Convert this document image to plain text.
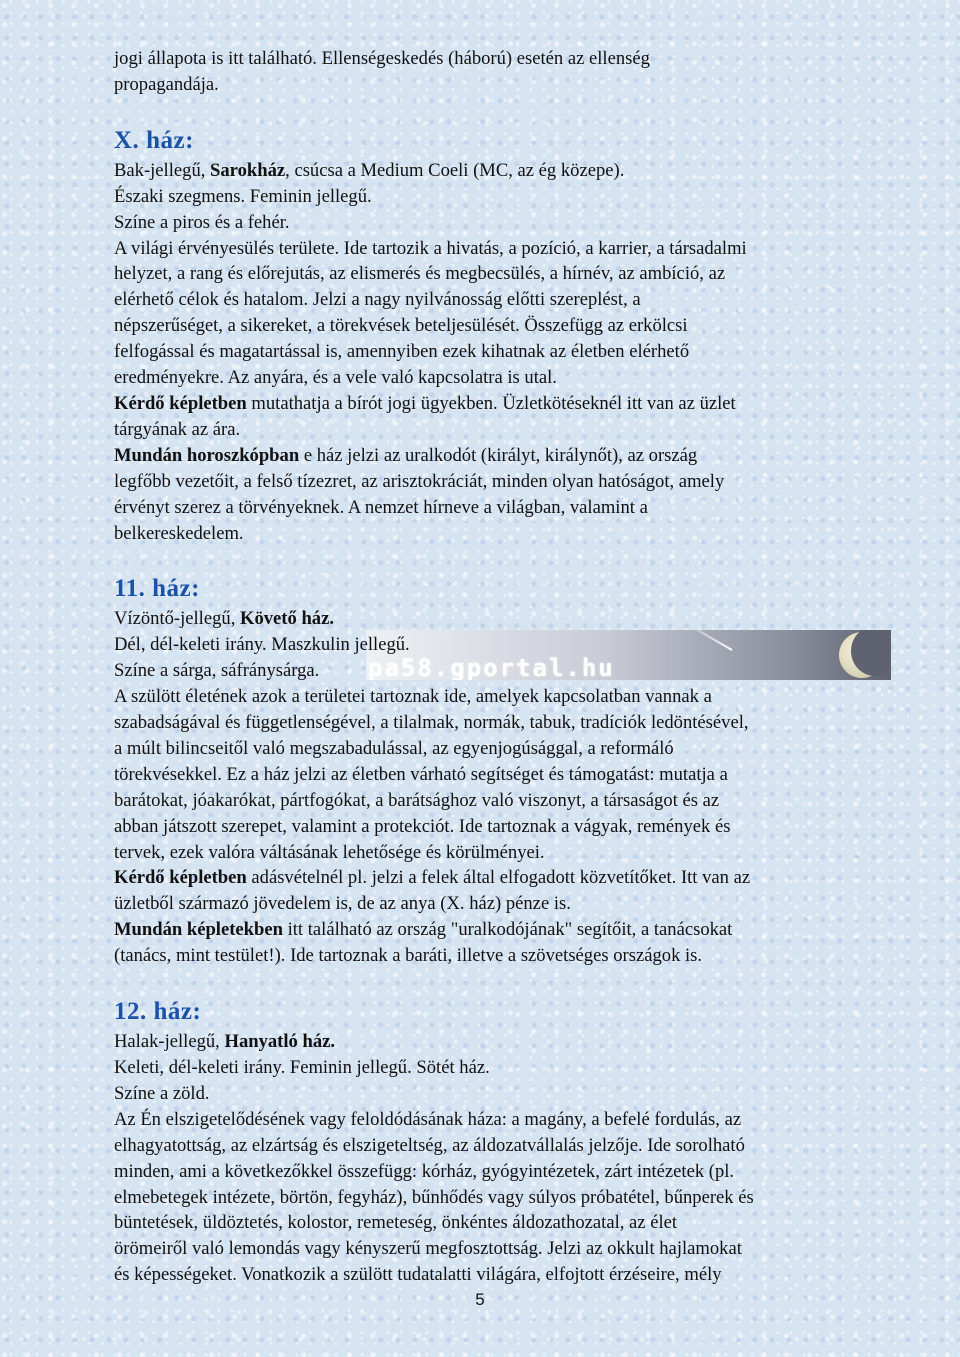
pa58.gportal.hu

jogi állapota is itt található. Ellenségeskedés (háború) esetén az ellenség

propagandája.

X. ház:

Bak-jellegű, Sarokház, csúcsa a Medium Coeli (MC, az ég közepe).

Északi szegmens. Feminin jellegű.

Színe a piros és a fehér.

A világi érvényesülés területe. Ide tartozik a hivatás, a pozíció, a karrier, a társadalmi

helyzet, a rang és előrejutás, az elismerés és megbecsülés, a hírnév, az ambíció, az

elérhető célok és hatalom. Jelzi a nagy nyilvánosság előtti szereplést, a

népszerűséget, a sikereket, a törekvések beteljesülését. Összefügg az erkölcsi

felfogással és magatartással is, amennyiben ezek kihatnak az életben elérhető

eredményekre. Az anyára, és a vele való kapcsolatra is utal.

Kérdő képletben mutathatja a bírót jogi ügyekben. Üzletkötéseknél itt van az üzlet

tárgyának az ára.

Mundán horoszkópban e ház jelzi az uralkodót (királyt, királynőt), az ország

legfőbb vezetőit, a felső tízezret, az arisztokráciát, minden olyan hatóságot, amely

érvényt szerez a törvényeknek. A nemzet hírneve a világban, valamint a

belkereskedelem.

11. ház:

Vízöntő-jellegű, Követő ház.

Dél, dél-keleti irány. Maszkulin jellegű.

Színe a sárga, sáfránysárga.

A szülött életének azok a területei tartoznak ide, amelyek kapcsolatban vannak a

szabadságával és függetlenségével, a tilalmak, normák, tabuk, tradíciók ledöntésével,

a múlt bilincseitől való megszabadulással, az egyenjogúsággal, a reformáló

törekvésekkel. Ez a ház jelzi az életben várható segítséget és támogatást: mutatja a

barátokat, jóakarókat, pártfogókat, a barátsághoz való viszonyt, a társaságot és az

abban játszott szerepet, valamint a protekciót. Ide tartoznak a vágyak, remények és

tervek, ezek valóra váltásának lehetősége és körülményei.

Kérdő képletben adásvételnél pl. jelzi a felek által elfogadott közvetítőket. Itt van az

üzletből származó jövedelem is, de az anya (X. ház) pénze is.

Mundán képletekben itt található az ország "uralkodójának" segítőit, a tanácsokat

(tanács, mint testület!). Ide tartoznak a baráti, illetve a szövetséges országok is.

12. ház:

Halak-jellegű, Hanyatló ház.

Keleti, dél-keleti irány. Feminin jellegű. Sötét ház.

Színe a zöld.

Az Én elszigetelődésének vagy feloldódásának háza: a magány, a befelé fordulás, az

elhagyatottság, az elzártság és elszigeteltség, az áldozatvállalás jelzője. Ide sorolható

minden, ami a következőkkel összefügg: kórház, gyógyintézetek, zárt intézetek (pl.

elmebetegek intézete, börtön, fegyház), bűnhődés vagy súlyos próbatétel, bűnperek és

büntetések, üldöztetés, kolostor, remeteség, önkéntes áldozathozatal, az élet

örömeiről való lemondás vagy kényszerű megfosztottság. Jelzi az okkult hajlamokat

és képességeket. Vonatkozik a szülött tudatalatti világára, elfojtott érzéseire, mély

5
